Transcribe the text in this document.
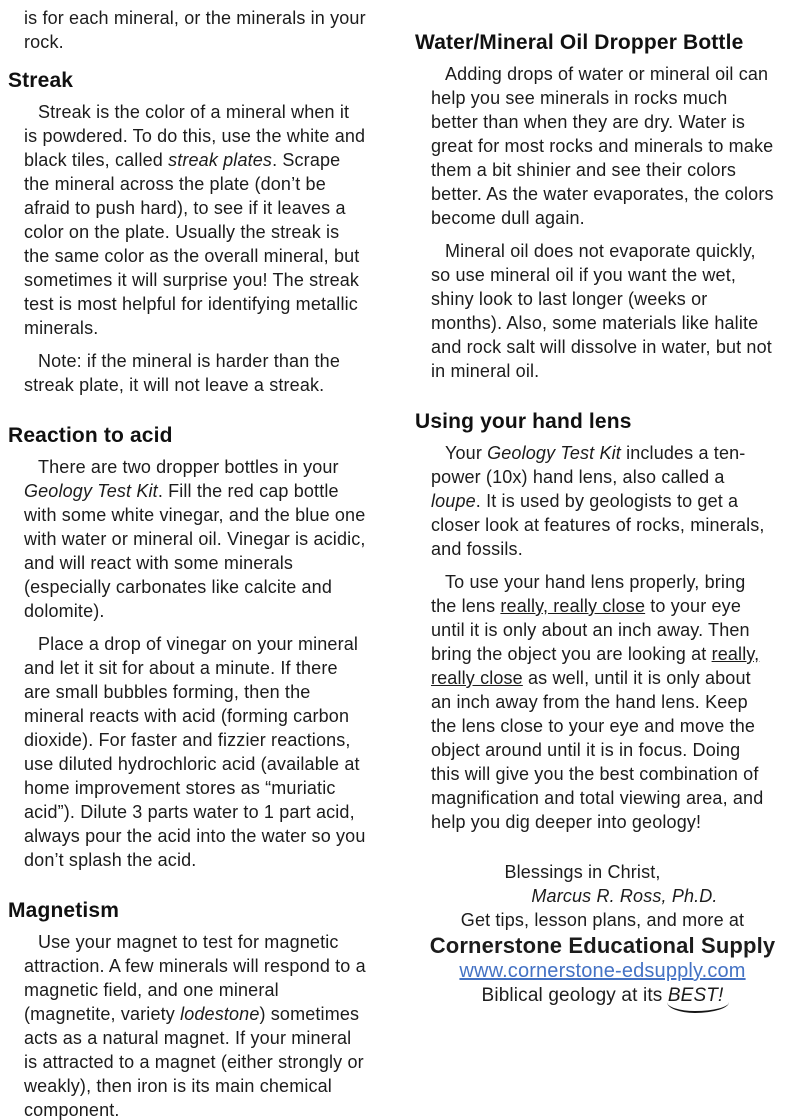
is for each mineral, or the minerals in your rock.

Streak

Streak is the color of a mineral when it is powdered. To do this, use the white and black tiles, called streak plates. Scrape the mineral across the plate (don’t be afraid to push hard), to see if it leaves a color on the plate. Usually the streak is the same color as the overall mineral, but sometimes it will surprise you! The streak test is most helpful for identifying metallic minerals.

Note: if the mineral is harder than the streak plate, it will not leave a streak.

Reaction to acid

There are two dropper bottles in your Geology Test Kit. Fill the red cap bottle with some white vinegar, and the blue one with water or mineral oil. Vinegar is acidic, and will react with some minerals (especially carbonates like calcite and dolomite).

Place a drop of vinegar on your mineral and let it sit for about a minute. If there are small bubbles forming, then the mineral reacts with acid (forming carbon dioxide). For faster and fizzier reactions, use diluted hydrochloric acid (available at home improvement stores as “muriatic acid”). Dilute 3 parts water to 1 part acid, always pour the acid into the water so you don’t splash the acid.

Magnetism

Use your magnet to test for magnetic attraction. A few minerals will respond to a magnetic field, and one mineral (magnetite, variety lodestone) sometimes acts as a natural magnet. If your mineral is attracted to a magnet (either strongly or weakly), then iron is its main chemical component.

Water/Mineral Oil Dropper Bottle

Adding drops of water or mineral oil can help you see minerals in rocks much better than when they are dry. Water is great for most rocks and minerals to make them a bit shinier and see their colors better. As the water evaporates, the colors become dull again.

Mineral oil does not evaporate quickly, so use mineral oil if you want the wet, shiny look to last longer (weeks or months). Also, some materials like halite and rock salt will dissolve in water, but not in mineral oil.

Using your hand lens

Your Geology Test Kit includes a ten-power (10x) hand lens, also called a loupe. It is used by geologists to get a closer look at features of rocks, minerals, and fossils.

To use your hand lens properly, bring the lens really, really close to your eye until it is only about an inch away. Then bring the object you are looking at really, really close as well, until it is only about an inch away from the hand lens. Keep the lens close to your eye and move the object around until it is in focus. Doing this will give you the best combination of magnification and total viewing area, and help you dig deeper into geology!

Blessings in Christ,

Marcus R. Ross, Ph.D.

Get tips, lesson plans, and more at

Cornerstone Educational Supply

www.cornerstone-edsupply.com

Biblical geology at its BEST!
